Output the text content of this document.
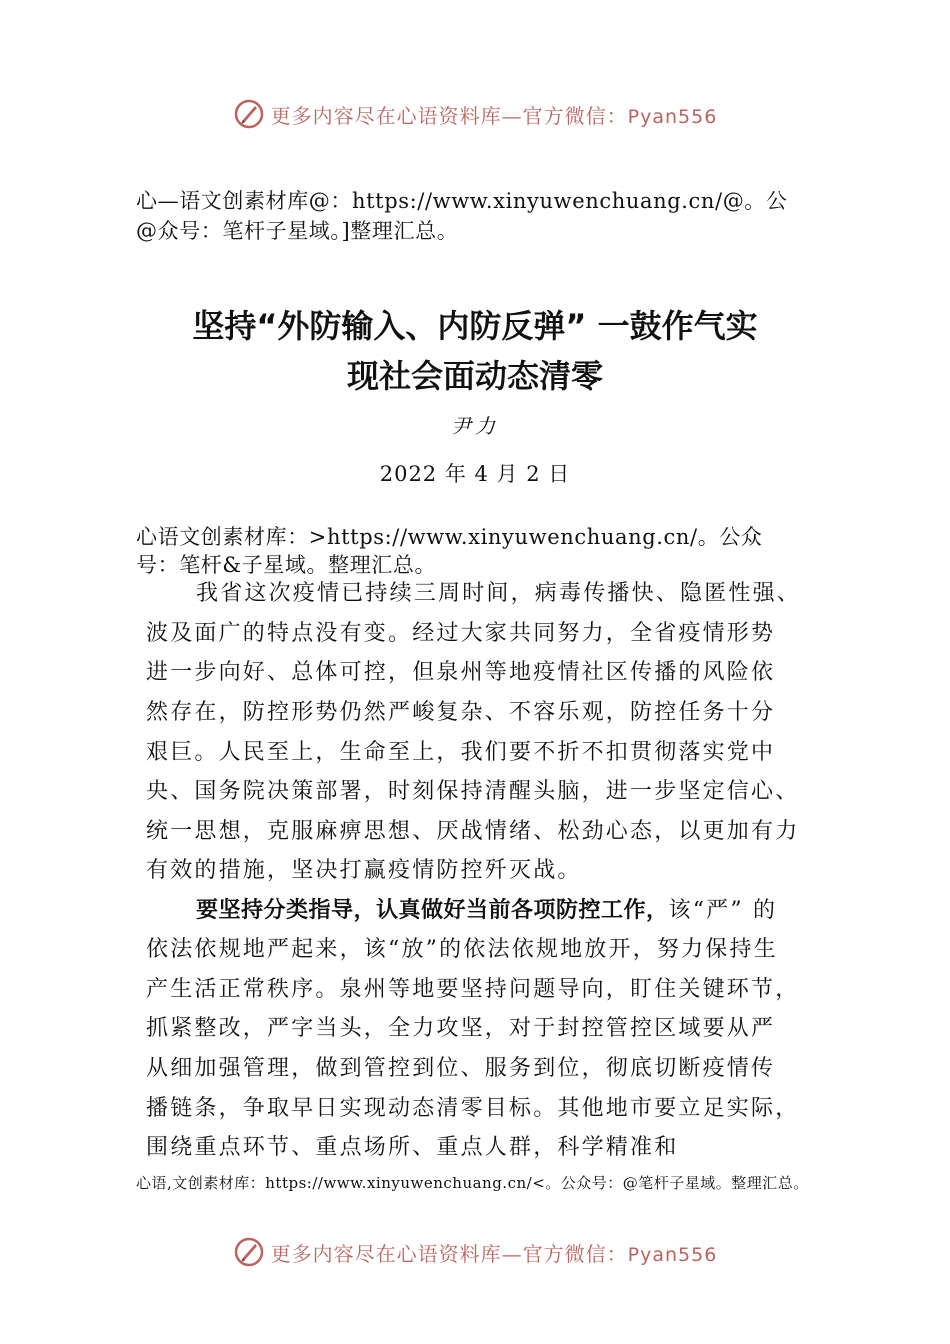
更多内容尽在心语资料库—官方微信：Pyan556
心—语文创素材库@：https://www.xinyuwenchuang.cn/@。公
@众号：笔杆子星域。]整理汇总。
坚持“外防输入、内防反弹” 一鼓作气实
现社会面动态清零
尹力
2022 年 4 月 2 日
心语文创素材库：>https://www.xinyuwenchuang.cn/。公众
号：笔杆&子星域。整理汇总。
我省这次疫情已持续三周时间，病毒传播快、隐匿性强、
波及面广的特点没有变。经过大家共同努力，全省疫情形势
进一步向好、总体可控，但泉州等地疫情社区传播的风险依
然存在，防控形势仍然严峻复杂、不容乐观，防控任务十分
艰巨。人民至上，生命至上，我们要不折不扣贯彻落实党中
央、国务院决策部署，时刻保持清醒头脑，进一步坚定信心、
统一思想，克服麻痹思想、厌战情绪、松劲心态，以更加有力
有效的措施，坚决打赢疫情防控歼灭战。
要坚持分类指导，认真做好当前各项防控工作，该“严” 的
依法依规地严起来，该“放”的依法依规地放开，努力保持生
产生活正常秩序。泉州等地要坚持问题导向，盯住关键环节，
抓紧整改，严字当头，全力攻坚，对于封控管控区域要从严
从细加强管理，做到管控到位、服务到位，彻底切断疫情传
播链条，争取早日实现动态清零目标。其他地市要立足实际，
围绕重点环节、重点场所、重点人群，科学精准和
心语,文创素材库：https://www.xinyuwenchuang.cn/<。公众号：@笔杆子星域。整理汇总。
更多内容尽在心语资料库—官方微信：Pyan556
